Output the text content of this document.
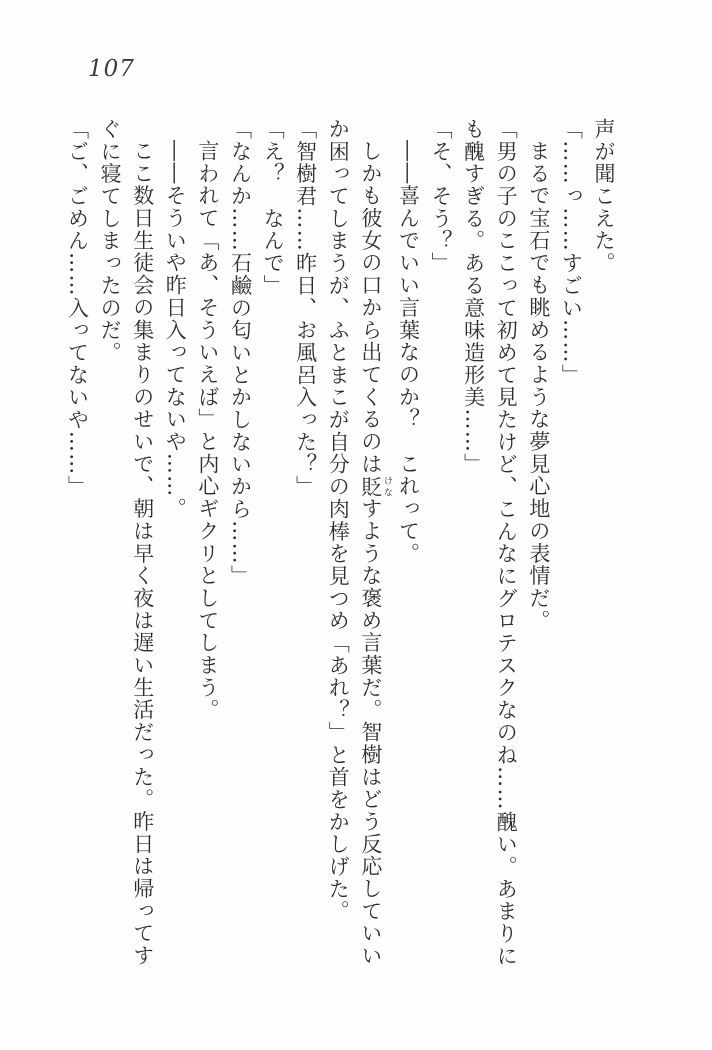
107

声が聞こえた。

「……っ……すごい……」

まるで宝石でも眺めるような夢見心地の表情だ。

「男の子のここって初めて見たけど、こんなにグロテスクなのね……醜い。あまりに

も醜すぎる。ある意味造形美……」

「そ、そう？」

――喜んでいい言葉なのか？　これって。

しかも彼女の口から出てくるのは貶 けなすような褒め言葉だ。智樹はどう反応していい

か困ってしまうが、ふとまこが自分の肉棒を見つめ「あれ？」と首をかしげた。

「智樹君……昨日、お風呂入った？」

「え？　なんで」

「なんか……石鹼の匂いとかしないから……」

言われて「あ、そういえば」と内心ギクリとしてしまう。

――そういや昨日入ってないや……。

ここ数日生徒会の集まりのせいで、朝は早く夜は遅い生活だった。昨日は帰ってす

ぐに寝てしまったのだ。

「ご、ごめん……入ってないや……」
